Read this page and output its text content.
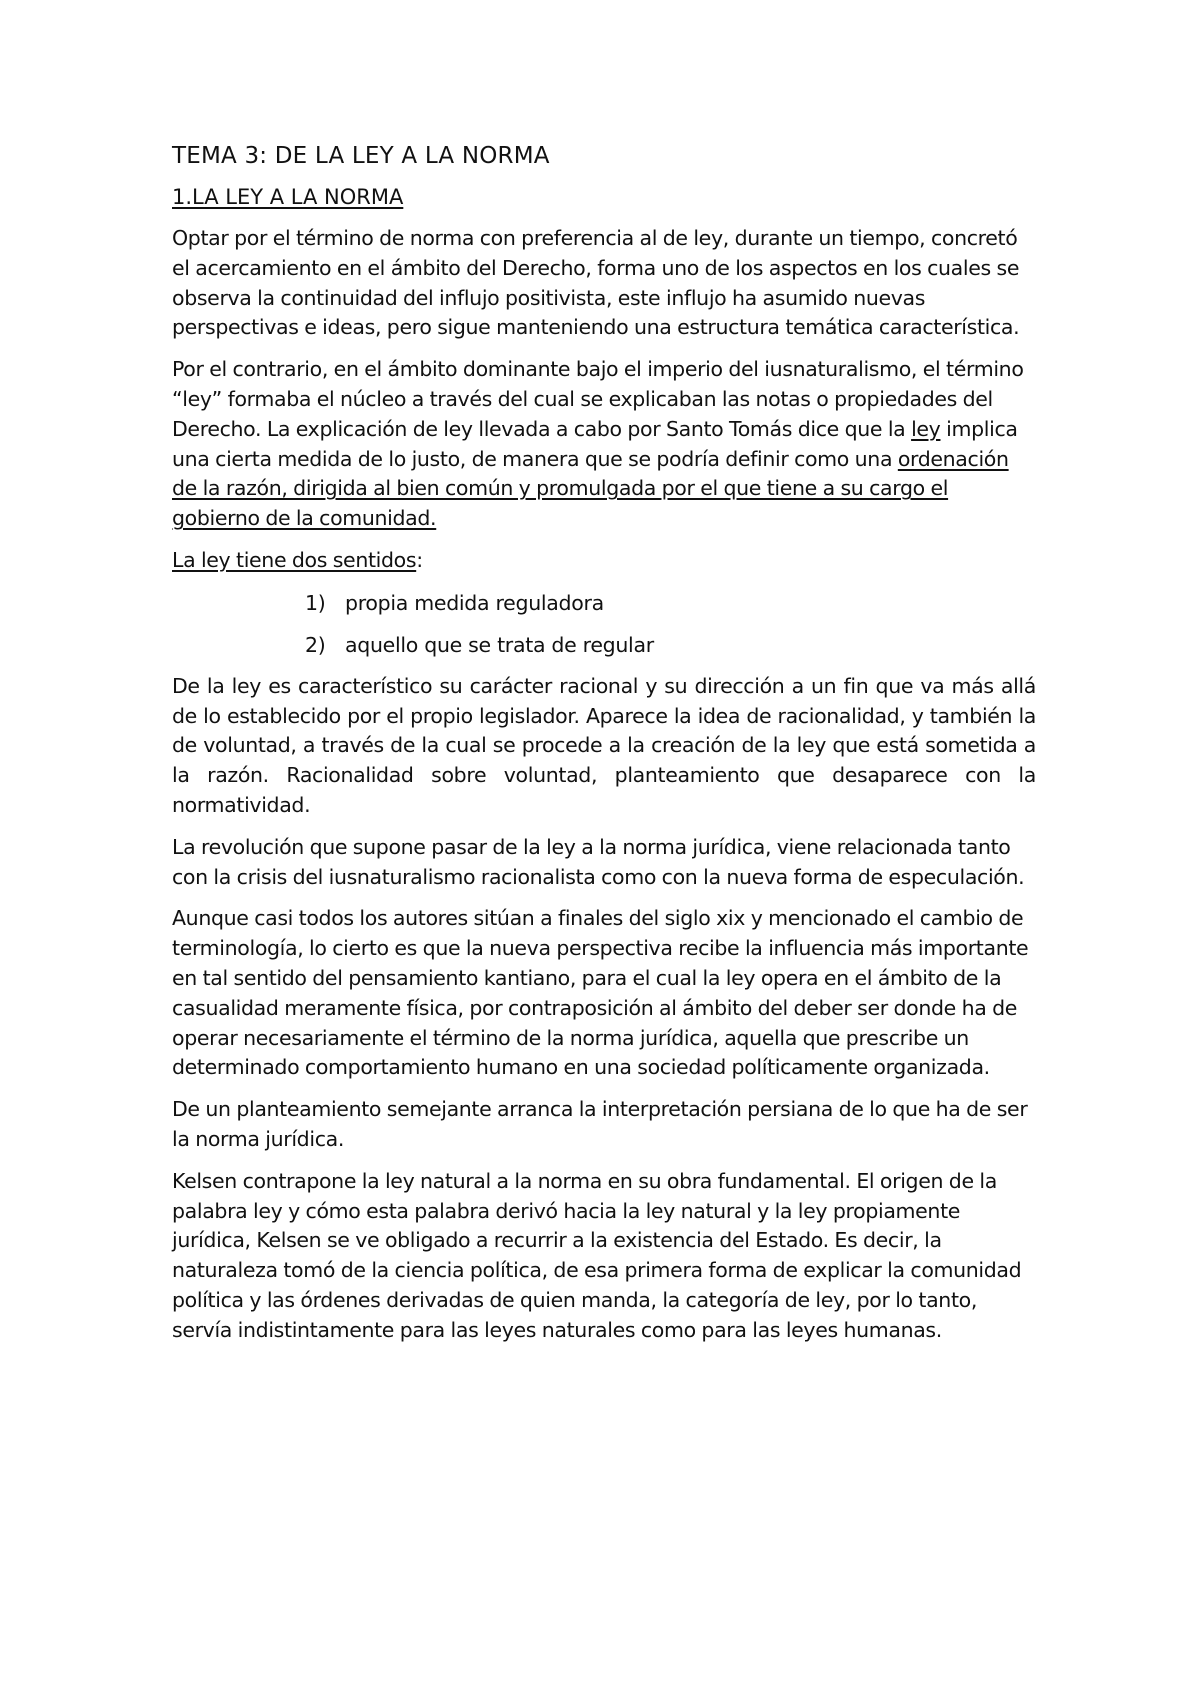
TEMA 3: DE LA LEY A LA NORMA
1.LA LEY A LA NORMA

Optar por el término de norma con preferencia al de ley, durante un tiempo, concretó el acercamiento en el ámbito del Derecho, forma uno de los aspectos en los cuales se observa la continuidad del influjo positivista, este influjo ha asumido nuevas perspectivas e ideas, pero sigue manteniendo una estructura temática característica.

Por el contrario, en el ámbito dominante bajo el imperio del iusnaturalismo, el término “ley” formaba el núcleo a través del cual se explicaban las notas o propiedades del Derecho. La explicación de ley llevada a cabo por Santo Tomás dice que la ley implica una cierta medida de lo justo, de manera que se podría definir como una ordenación de la razón, dirigida al bien común y promulgada por el que tiene a su cargo el gobierno de la comunidad.

La ley tiene dos sentidos:

1) propia medida reguladora
2) aquello que se trata de regular

De la ley es característico su carácter racional y su dirección a un fin que va más allá de lo establecido por el propio legislador. Aparece la idea de racionalidad, y también la de voluntad, a través de la cual se procede a la creación de la ley que está sometida a la razón. Racionalidad sobre voluntad, planteamiento que desaparece con la normatividad.

La revolución que supone pasar de la ley a la norma jurídica, viene relacionada tanto con la crisis del iusnaturalismo racionalista como con la nueva forma de especulación.

Aunque casi todos los autores sitúan a finales del siglo xix y mencionado el cambio de terminología, lo cierto es que la nueva perspectiva recibe la influencia más importante en tal sentido del pensamiento kantiano, para el cual la ley opera en el ámbito de la casualidad meramente física, por contraposición al ámbito del deber ser donde ha de operar necesariamente el término de la norma jurídica, aquella que prescribe un determinado comportamiento humano en una sociedad políticamente organizada.

De un planteamiento semejante arranca la interpretación persiana de lo que ha de ser la norma jurídica.

Kelsen contrapone la ley natural a la norma en su obra fundamental. El origen de la palabra ley y cómo esta palabra derivó hacia la ley natural y la ley propiamente jurídica, Kelsen se ve obligado a recurrir a la existencia del Estado. Es decir, la naturaleza tomó de la ciencia política, de esa primera forma de explicar la comunidad política y las órdenes derivadas de quien manda, la categoría de ley, por lo tanto, servía indistintamente para las leyes naturales como para las leyes humanas.
